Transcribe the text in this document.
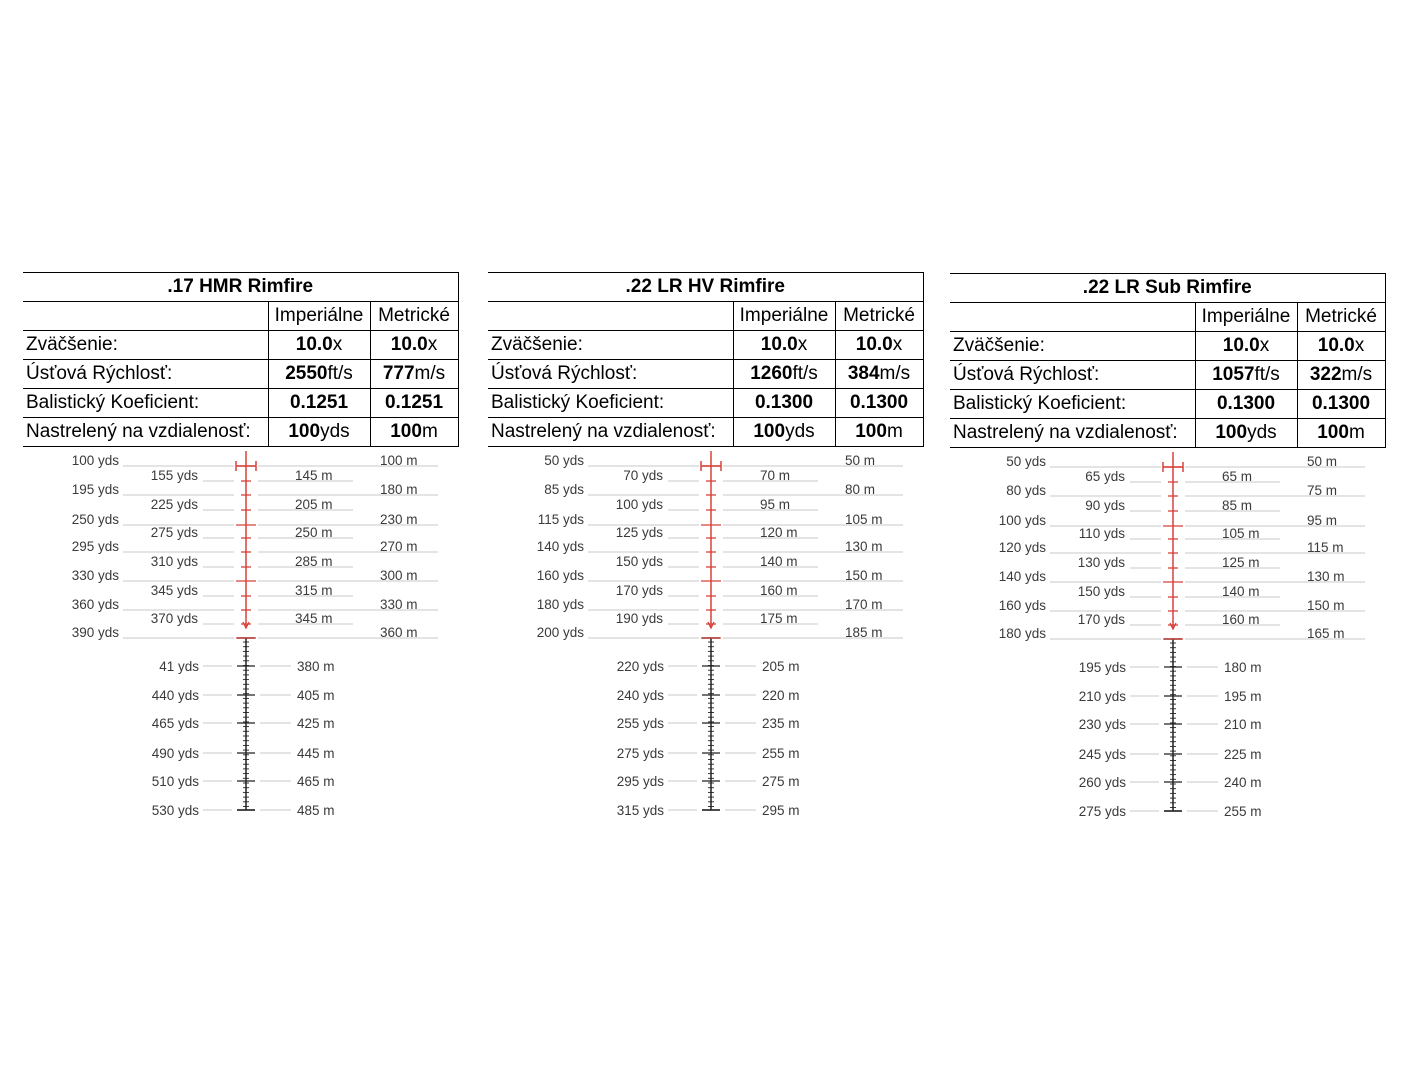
.17 HMR Rimfire		
	Imperiálne	Metrické
Zväčšenie:	10.0x	10.0x
Úsťová Rýchlosť:	2550ft/s	777m/s
Balistický Koeficient:	0.1251	0.1251
Nastrelený na vzdialenosť:	100yds	100m
100 yds	100 m
155 yds	145 m
195 yds	180 m
225 yds	205 m
250 yds	230 m
275 yds	250 m
295 yds	270 m
310 yds	285 m
330 yds	300 m
345 yds	315 m
360 yds	330 m
370 yds	345 m
390 yds	360 m
41 yds	380 m
440 yds	405 m
465 yds	425 m
490 yds	445 m
510 yds	465 m
530 yds	485 m
.22 LR HV Rimfire		
	Imperiálne	Metrické
Zväčšenie:	10.0x	10.0x
Úsťová Rýchlosť:	1260ft/s	384m/s
Balistický Koeficient:	0.1300	0.1300
Nastrelený na vzdialenosť:	100yds	100m
50 yds	50 m
70 yds	70 m
85 yds	80 m
100 yds	95 m
115 yds	105 m
125 yds	120 m
140 yds	130 m
150 yds	140 m
160 yds	150 m
170 yds	160 m
180 yds	170 m
190 yds	175 m
200 yds	185 m
220 yds	205 m
240 yds	220 m
255 yds	235 m
275 yds	255 m
295 yds	275 m
315 yds	295 m
.22 LR Sub Rimfire		
	Imperiálne	Metrické
Zväčšenie:	10.0x	10.0x
Úsťová Rýchlosť:	1057ft/s	322m/s
Balistický Koeficient:	0.1300	0.1300
Nastrelený na vzdialenosť:	100yds	100m
50 yds	50 m
65 yds	65 m
80 yds	75 m
90 yds	85 m
100 yds	95 m
110 yds	105 m
120 yds	115 m
130 yds	125 m
140 yds	130 m
150 yds	140 m
160 yds	150 m
170 yds	160 m
180 yds	165 m
195 yds	180 m
210 yds	195 m
230 yds	210 m
245 yds	225 m
260 yds	240 m
275 yds	255 m
